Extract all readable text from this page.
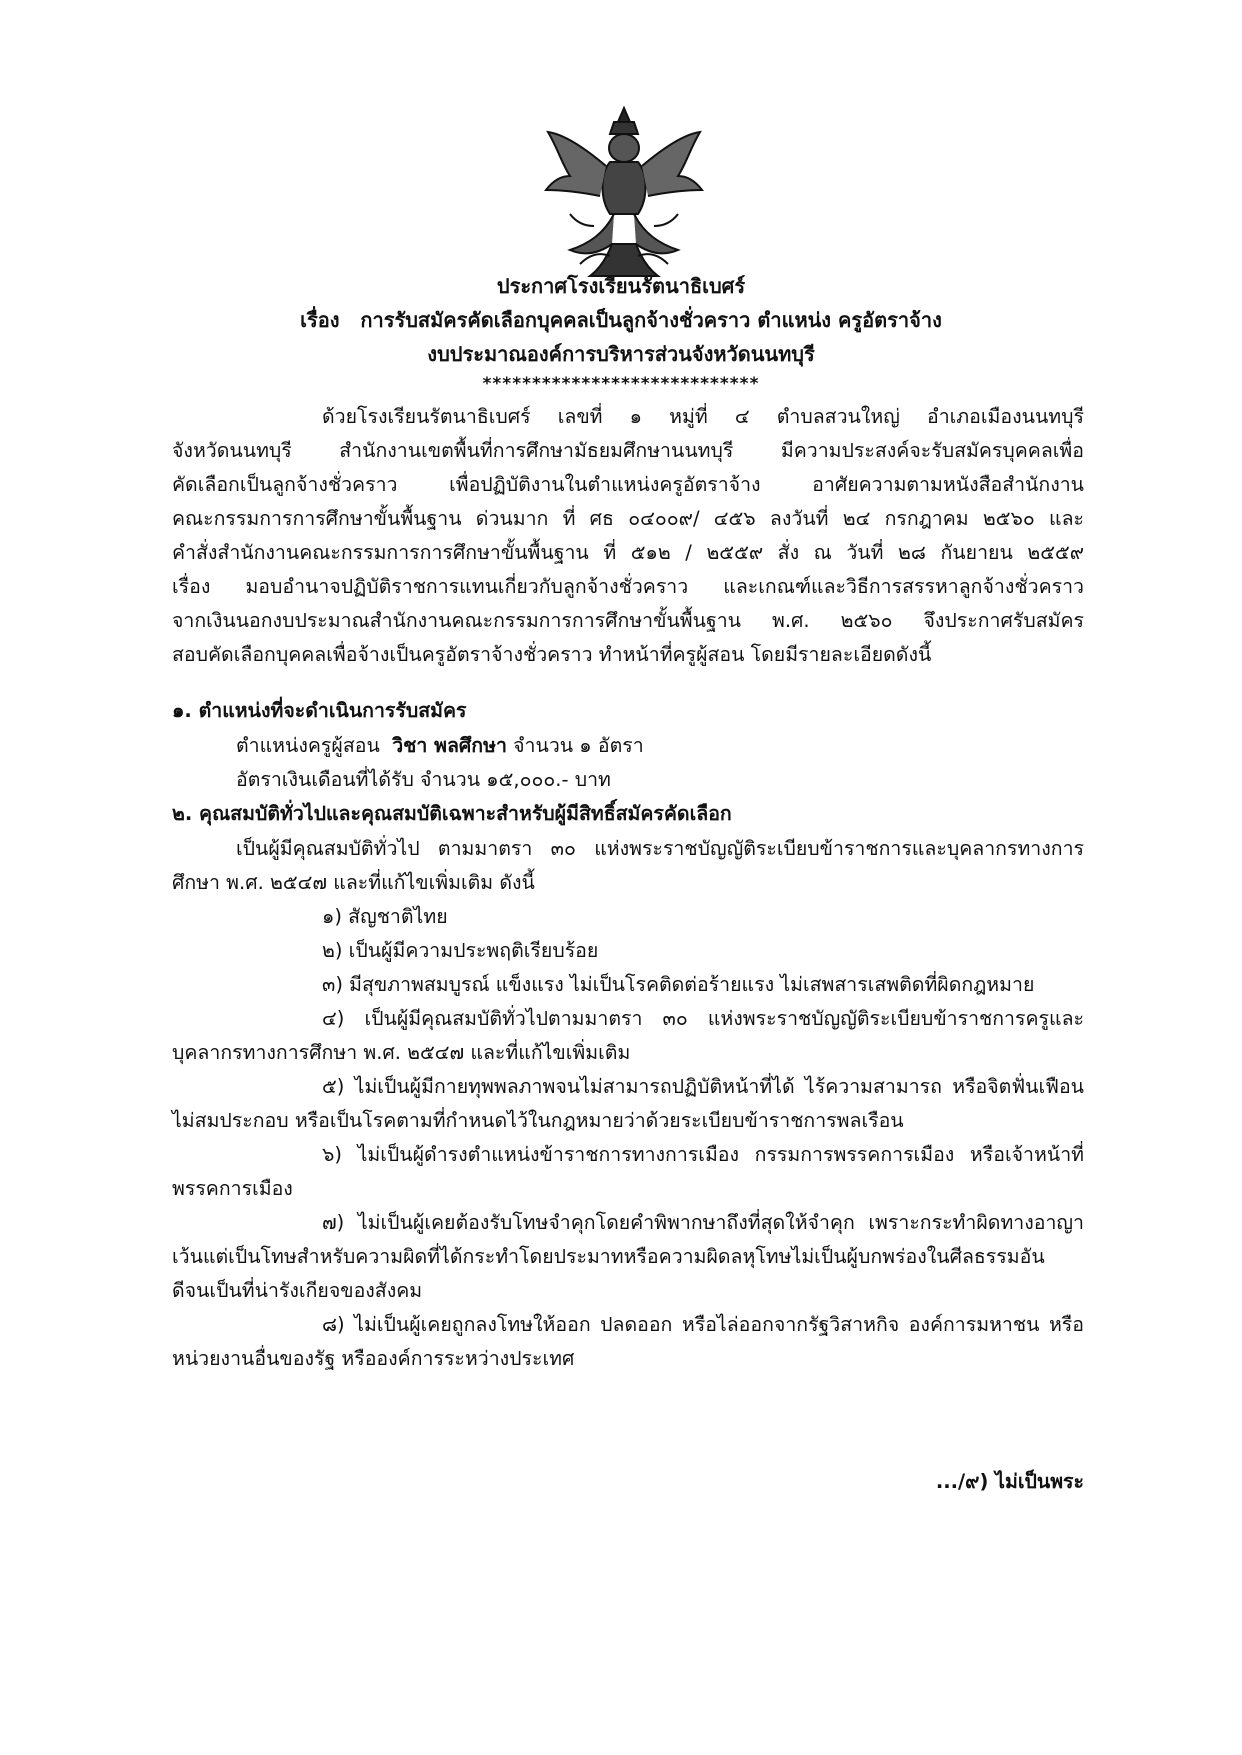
ประกาศโรงเรียนรัตนาธิเบศร์
เรื่อง การรับสมัครคัดเลือกบุคคลเป็นลูกจ้างชั่วคราว ตำแหน่ง ครูอัตราจ้าง
งบประมาณองค์การบริหารส่วนจังหวัดนนทบุรี
****************************
ด้วยโรงเรียนรัตนาธิเบศร์ เลขที่ ๑ หมู่ที่ ๔ ตำบลสวนใหญ่ อำเภอเมืองนนทบุรี
จังหวัดนนทบุรี สำนักงานเขตพื้นที่การศึกษามัธยมศึกษานนทบุรี มีความประสงค์จะรับสมัครบุคคลเพื่อ
คัดเลือกเป็นลูกจ้างชั่วคราว เพื่อปฏิบัติงานในตำแหน่งครูอัตราจ้าง อาศัยความตามหนังสือสำนักงาน
คณะกรรมการการศึกษาขั้นพื้นฐาน ด่วนมาก ที่ ศธ ๐๔๐๐๙/ ๔๕๖ ลงวันที่ ๒๔ กรกฎาคม ๒๕๖๐ และ
คำสั่งสำนักงานคณะกรรมการการศึกษาขั้นพื้นฐาน ที่ ๕๑๒ / ๒๕๕๙ สั่ง ณ วันที่ ๒๘ กันยายน ๒๕๕๙
เรื่อง มอบอำนาจปฏิบัติราชการแทนเกี่ยวกับลูกจ้างชั่วคราว และเกณฑ์และวิธีการสรรหาลูกจ้างชั่วคราว
จากเงินนอกงบประมาณสำนักงานคณะกรรมการการศึกษาขั้นพื้นฐาน พ.ศ. ๒๕๖๐ จึงประกาศรับสมัคร
สอบคัดเลือกบุคคลเพื่อจ้างเป็นครูอัตราจ้างชั่วคราว ทำหน้าที่ครูผู้สอน โดยมีรายละเอียดดังนี้
๑. ตำแหน่งที่จะดำเนินการรับสมัคร
ตำแหน่งครูผู้สอน วิชา พลศึกษา จำนวน ๑ อัตรา
อัตราเงินเดือนที่ได้รับ จำนวน ๑๕,๐๐๐.- บาท
๒. คุณสมบัติทั่วไปและคุณสมบัติเฉพาะสำหรับผู้มีสิทธิ์สมัครคัดเลือก
เป็นผู้มีคุณสมบัติทั่วไป ตามมาตรา ๓๐ แห่งพระราชบัญญัติระเบียบข้าราชการและบุคลากรทางการ
ศึกษา พ.ศ. ๒๕๔๗ และที่แก้ไขเพิ่มเติม ดังนี้
๑) สัญชาติไทย
๒) เป็นผู้มีความประพฤติเรียบร้อย
๓) มีสุขภาพสมบูรณ์ แข็งแรง ไม่เป็นโรคติดต่อร้ายแรง ไม่เสพสารเสพติดที่ผิดกฎหมาย
๔) เป็นผู้มีคุณสมบัติทั่วไปตามมาตรา ๓๐ แห่งพระราชบัญญัติระเบียบข้าราชการครูและ
บุคลากรทางการศึกษา พ.ศ. ๒๕๔๗ และที่แก้ไขเพิ่มเติม
๕) ไม่เป็นผู้มีกายทุพพลภาพจนไม่สามารถปฏิบัติหน้าที่ได้ ไร้ความสามารถ หรือจิตฟั่นเฟือน
ไม่สมประกอบ หรือเป็นโรคตามที่กำหนดไว้ในกฎหมายว่าด้วยระเบียบข้าราชการพลเรือน
๖) ไม่เป็นผู้ดำรงตำแหน่งข้าราชการทางการเมือง กรรมการพรรคการเมือง หรือเจ้าหน้าที่
พรรคการเมือง
๗) ไม่เป็นผู้เคยต้องรับโทษจำคุกโดยคำพิพากษาถึงที่สุดให้จำคุก เพราะกระทำผิดทางอาญา
เว้นแต่เป็นโทษสำหรับความผิดที่ได้กระทำโดยประมาทหรือความผิดลหุโทษไม่เป็นผู้บกพร่องในศีลธรรมอัน
ดีจนเป็นที่น่ารังเกียจของสังคม
๘) ไม่เป็นผู้เคยถูกลงโทษให้ออก ปลดออก หรือไล่ออกจากรัฐวิสาหกิจ องค์การมหาชน หรือ
หน่วยงานอื่นของรัฐ หรือองค์การระหว่างประเทศ
.../๙) ไม่เป็นพระ
